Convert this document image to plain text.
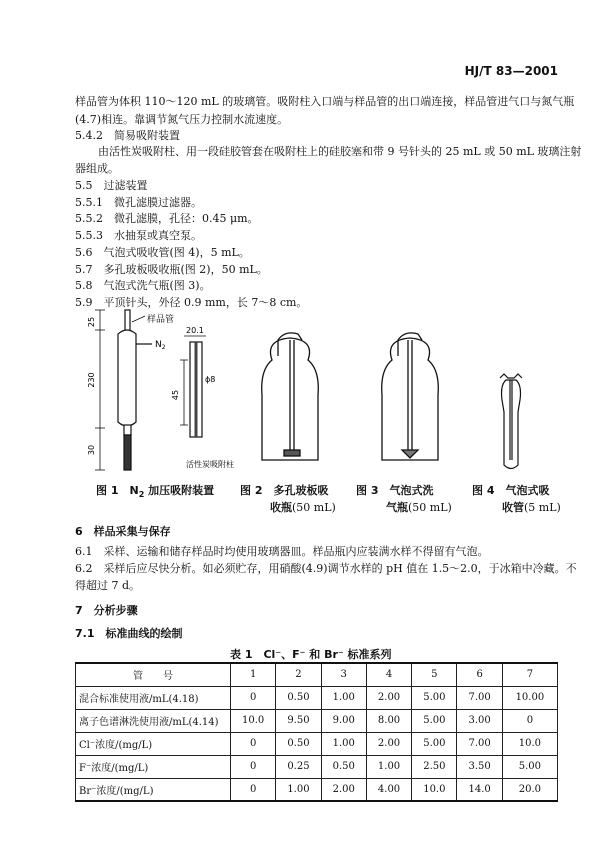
HJ/T 83—2001
样品管为体积 110～120 mL 的玻璃管。吸附柱入口端与样品管的出口端连接，样品管进气口与氮气瓶
(4.7)相连。靠调节氮气压力控制水流速度。
5.4.2　简易吸附装置
由活性炭吸附柱、用一段硅胶管套在吸附柱上的硅胶塞和带 9 号针头的 25 mL 或 50 mL 玻璃注射
器组成。
5.5　过滤装置
5.5.1　微孔滤膜过滤器。
5.5.2　微孔滤膜，孔径：0.45 μm。
5.5.3　水抽泵或真空泵。
5.6　气泡式吸收管(图 4)，5 mL。
5.7　多孔玻板吸收瓶(图 2)，50 mL。
5.8　气泡式洗气瓶(图 3)。
5.9　平顶针头，外径 0.9 mm，长 7～8 cm。
25
230
30
样品管
$N_2$
活性炭吸附柱
20.1
45
ϕ8
图 1　$N_2$ 加压吸附装置 图 2　多孔玻板吸
收瓶(50 mL)
图 3　气泡式洗
气瓶(50 mL)
图 4　气泡式吸
收管(5 mL)
6　样品采集与保存
6.1　采样、运输和储存样品时均使用玻璃器皿。样品瓶内应装满水样不得留有气泡。
6.2　采样后应尽快分析。如必须贮存，用硝酸(4.9)调节水样的 pH 值在 1.5～2.0，于冰箱中冷藏。不
得超过 7 d。
7　分析步骤
7.1　标准曲线的绘制
表 1　Cl⁻、F⁻ 和 Br⁻ 标准系列
管　　号	1	2	3	4	5	6	7
混合标准使用液/mL(4.18)	0	0.50	1.00	2.00	5.00	7.00	10.00
离子色谱淋洗使用液/mL(4.14)	10.0	9.50	9.00	8.00	5.00	3.00	0
Cl⁻浓度/(mg/L)	0	0.50	1.00	2.00	5.00	7.00	10.0
F⁻浓度/(mg/L)	0	0.25	0.50	1.00	2.50	3.50	5.00
Br⁻浓度/(mg/L)	0	1.00	2.00	4.00	10.0	14.0	20.0
